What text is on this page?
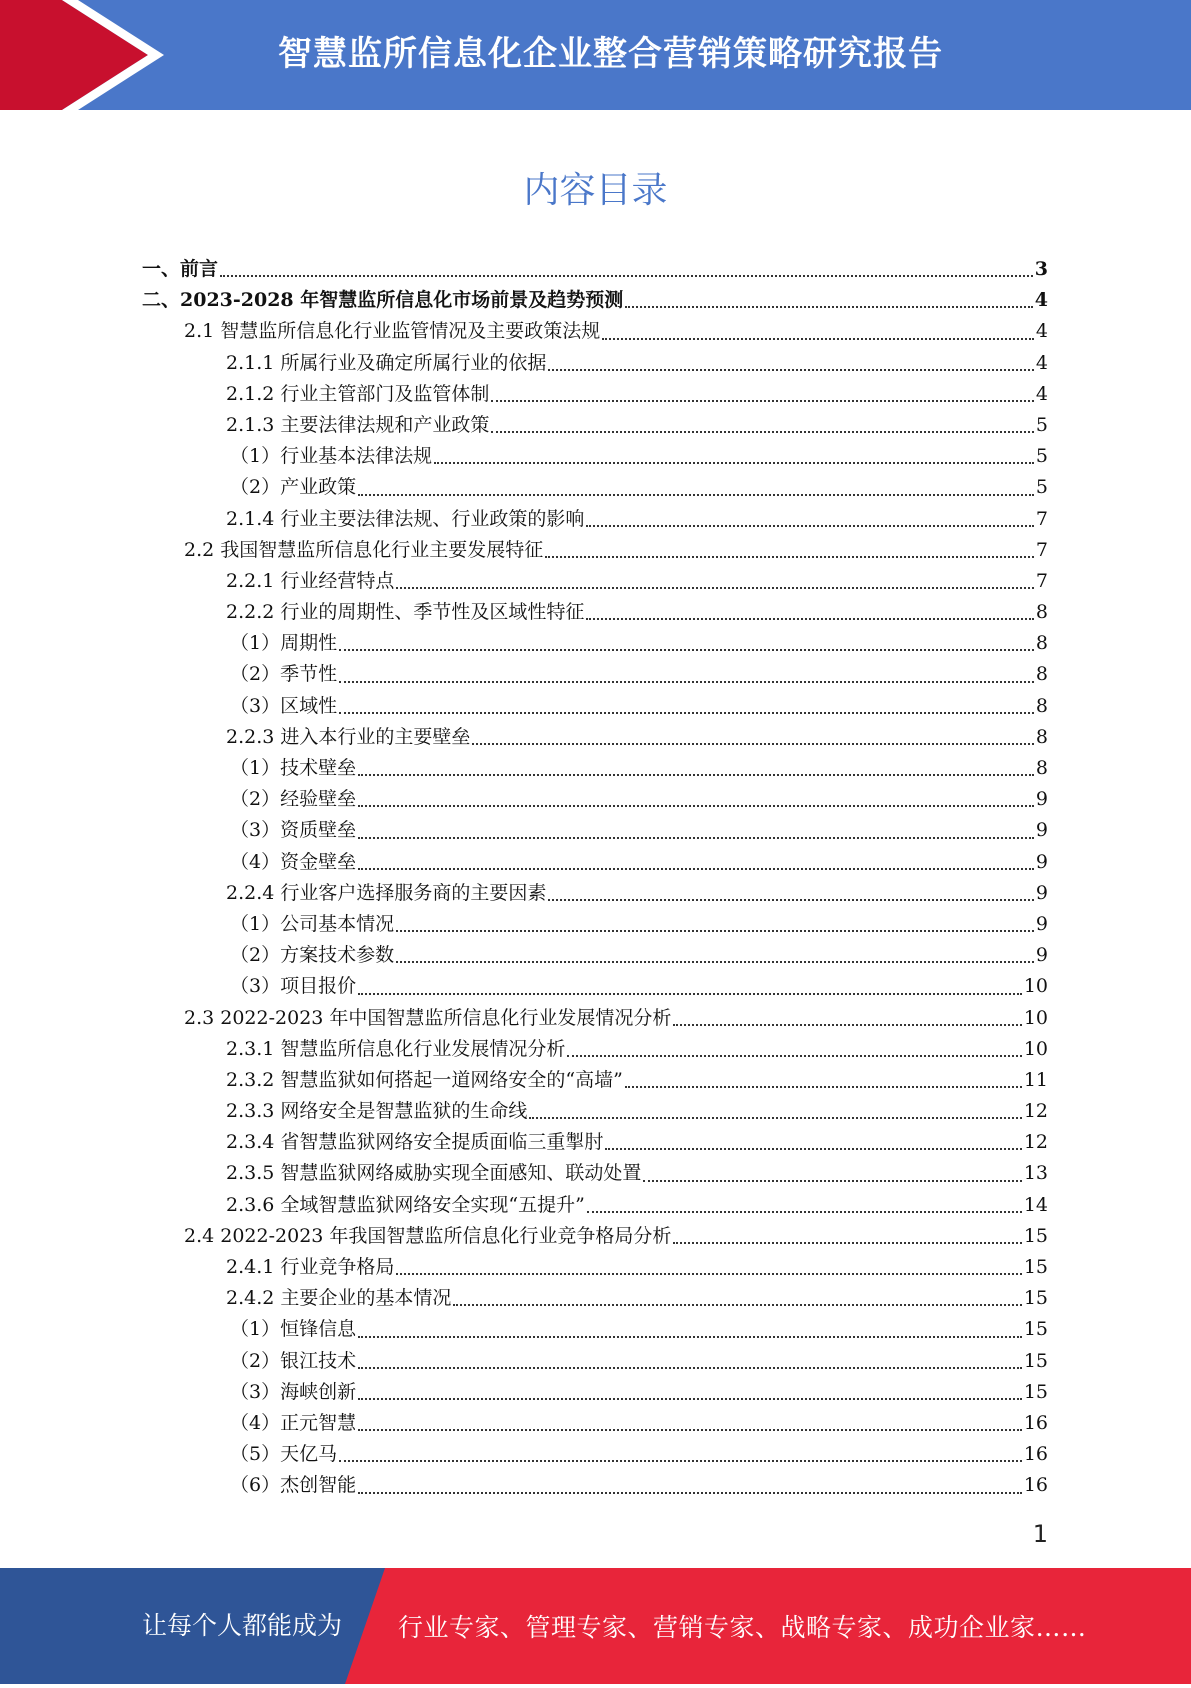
智慧监所信息化企业整合营销策略研究报告
内容目录
一、前言	3
二、2023-2028 年智慧监所信息化市场前景及趋势预测	4
2.1 智慧监所信息化行业监管情况及主要政策法规	4
2.1.1 所属行业及确定所属行业的依据	4
2.1.2 行业主管部门及监管体制	4
2.1.3 主要法律法规和产业政策	5
（1）行业基本法律法规	5
（2）产业政策	5
2.1.4 行业主要法律法规、行业政策的影响	7
2.2 我国智慧监所信息化行业主要发展特征	7
2.2.1 行业经营特点	7
2.2.2 行业的周期性、季节性及区域性特征	8
（1）周期性	8
（2）季节性	8
（3）区域性	8
2.2.3 进入本行业的主要壁垒	8
（1）技术壁垒	8
（2）经验壁垒	9
（3）资质壁垒	9
（4）资金壁垒	9
2.2.4 行业客户选择服务商的主要因素	9
（1）公司基本情况	9
（2）方案技术参数	9
（3）项目报价	10
2.3 2022-2023 年中国智慧监所信息化行业发展情况分析	10
2.3.1 智慧监所信息化行业发展情况分析	10
2.3.2 智慧监狱如何搭起一道网络安全的“高墙”	11
2.3.3 网络安全是智慧监狱的生命线	12
2.3.4 省智慧监狱网络安全提质面临三重掣肘	12
2.3.5 智慧监狱网络威胁实现全面感知、联动处置	13
2.3.6 全域智慧监狱网络安全实现“五提升”	14
2.4 2022-2023 年我国智慧监所信息化行业竞争格局分析	15
2.4.1 行业竞争格局	15
2.4.2 主要企业的基本情况	15
（1）恒锋信息	15
（2）银江技术	15
（3）海峡创新	15
（4）正元智慧	16
（5）天亿马	16
（6）杰创智能	16
1
让每个人都能成为 行业专家、管理专家、营销专家、战略专家、成功企业家……
